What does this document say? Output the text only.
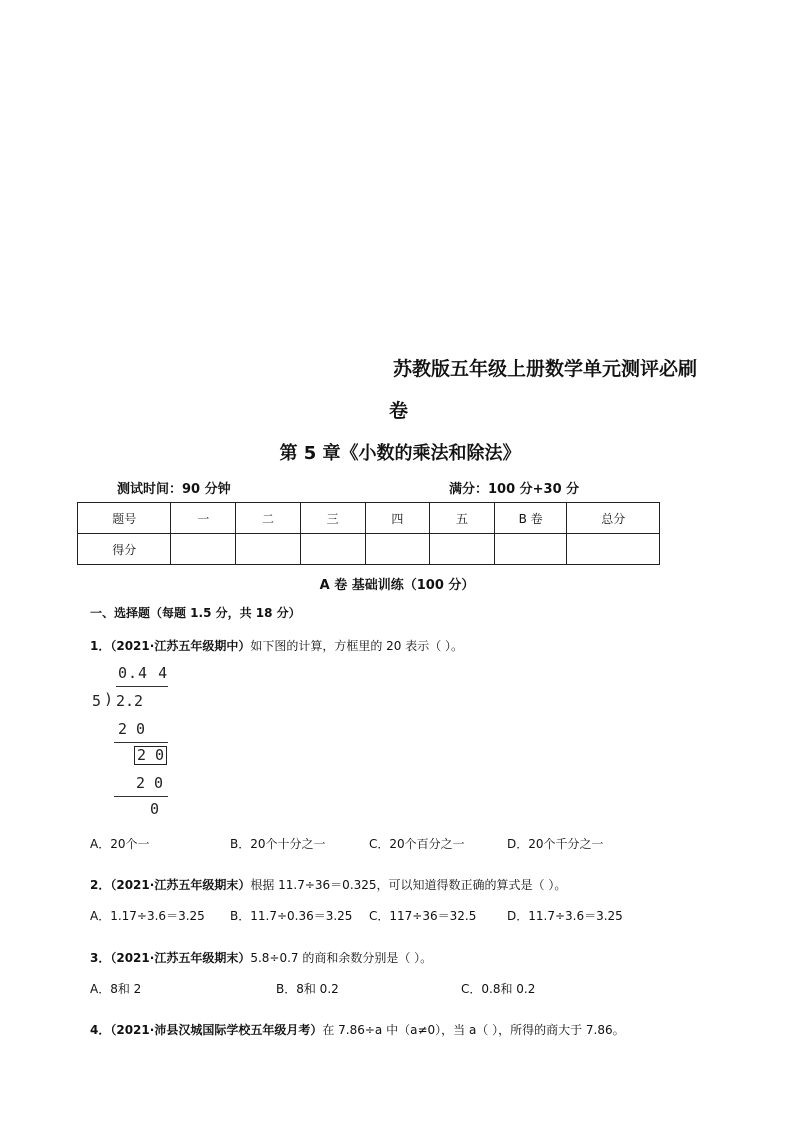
苏教版五年级上册数学单元测评必刷
卷
第 5 章《小数的乘法和除法》
测试时间：90 分钟	满分：100 分+30 分
题号	一	二	三	四	五	B 卷	总分
得分							
A 卷 基础训练（100 分）
一、选择题（每题 1.5 分，共 18 分）
1．（2021·江苏五年级期中）如下图的计算，方框里的 20 表示（ ）。
0.4 4
5 ) 2.2
2 0
2 0
2 0
0
A．20个一	B．20个十分之一	C．20个百分之一	D．20个千分之一
2．（2021·江苏五年级期末）根据 11.7÷36＝0.325，可以知道得数正确的算式是（ ）。
A．1.17÷3.6＝3.25 B．11.7÷0.36＝3.25 C．117÷36＝32.5	D．11.7÷3.6＝3.25
3．（2021·江苏五年级期末）5.8÷0.7 的商和余数分别是（ ）。
A．8和 2	B．8和 0.2	C．0.8和 0.2
4．（2021·沛县汉城国际学校五年级月考）在 7.86÷a 中（a≠0），当 a（ ），所得的商大于 7.86。
